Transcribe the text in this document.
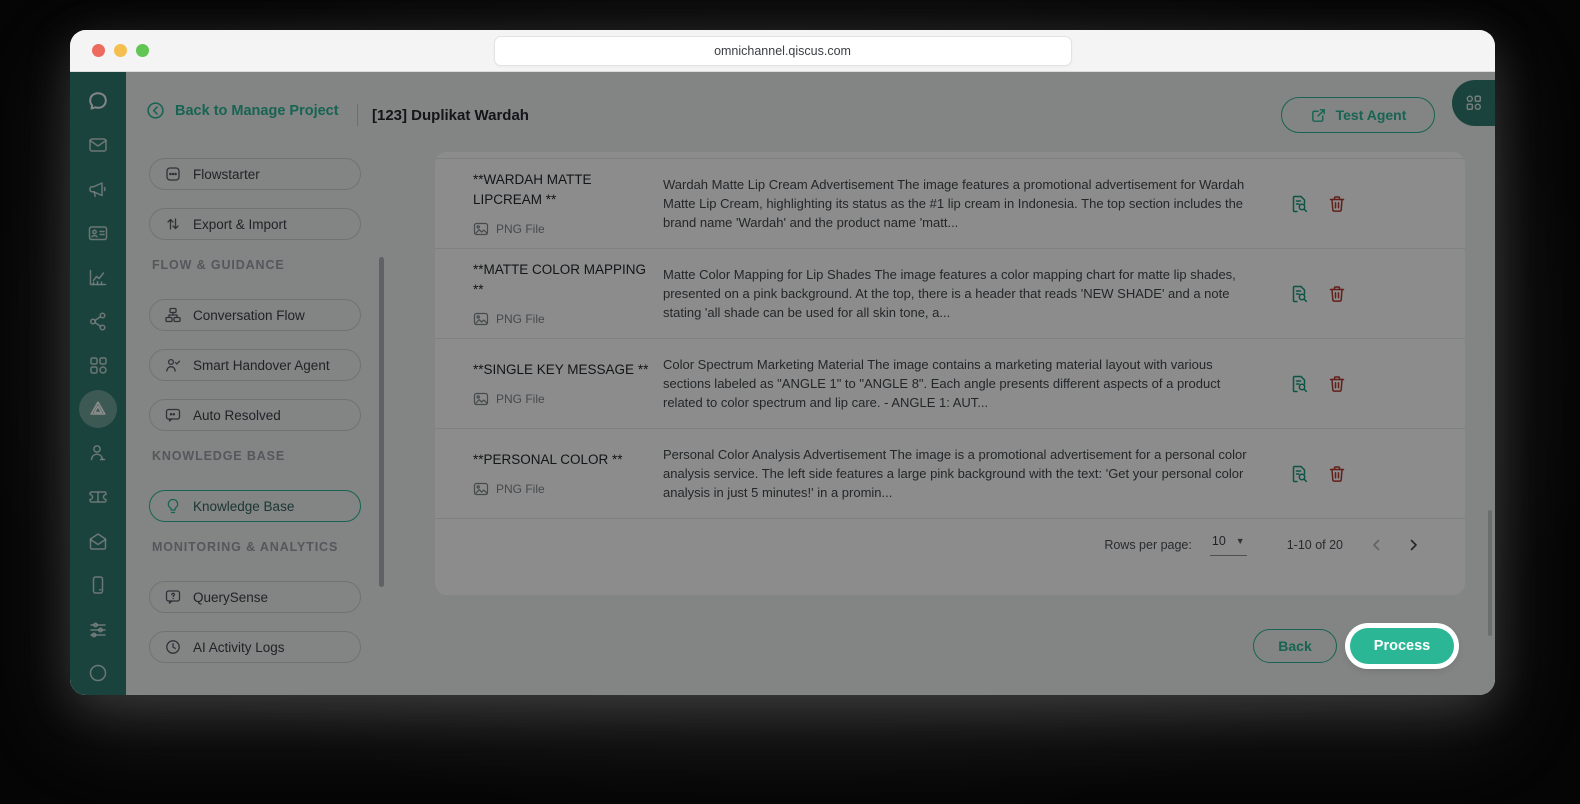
omnichannel.qiscus.com
Back to Manage Project [123] Duplikat Wardah	Test Agent
Flowstarter
Export & Import
FLOW & GUIDANCE
Conversation Flow
Smart Handover Agent
Auto Resolved
KNOWLEDGE BASE
Knowledge Base
MONITORING & ANALYTICS
QuerySense
AI Activity Logs
**WARDAH MATTE LIPCREAM **
PNG File
Wardah Matte Lip Cream Advertisement The image features a promotional advertisement for Wardah Matte Lip Cream, highlighting its status as the #1 lip cream in Indonesia. The top section includes the brand name 'Wardah' and the product name 'matt...
**MATTE COLOR MAPPING **
PNG File
Matte Color Mapping for Lip Shades The image features a color mapping chart for matte lip shades, presented on a pink background. At the top, there is a header that reads 'NEW SHADE' and a note stating 'all shade can be used for all skin tone, a...
**SINGLE KEY MESSAGE **
PNG File
Color Spectrum Marketing Material The image contains a marketing material layout with various sections labeled as "ANGLE 1" to "ANGLE 8". Each angle presents different aspects of a product related to color spectrum and lip care. - ANGLE 1: AUT...
**PERSONAL COLOR **
PNG File
Personal Color Analysis Advertisement The image is a promotional advertisement for a personal color analysis service. The left side features a large pink background with the text: 'Get your personal color analysis in just 5 minutes!' in a promin...
Rows per page: 10 ▼	1-10 of 20
Back	Process
